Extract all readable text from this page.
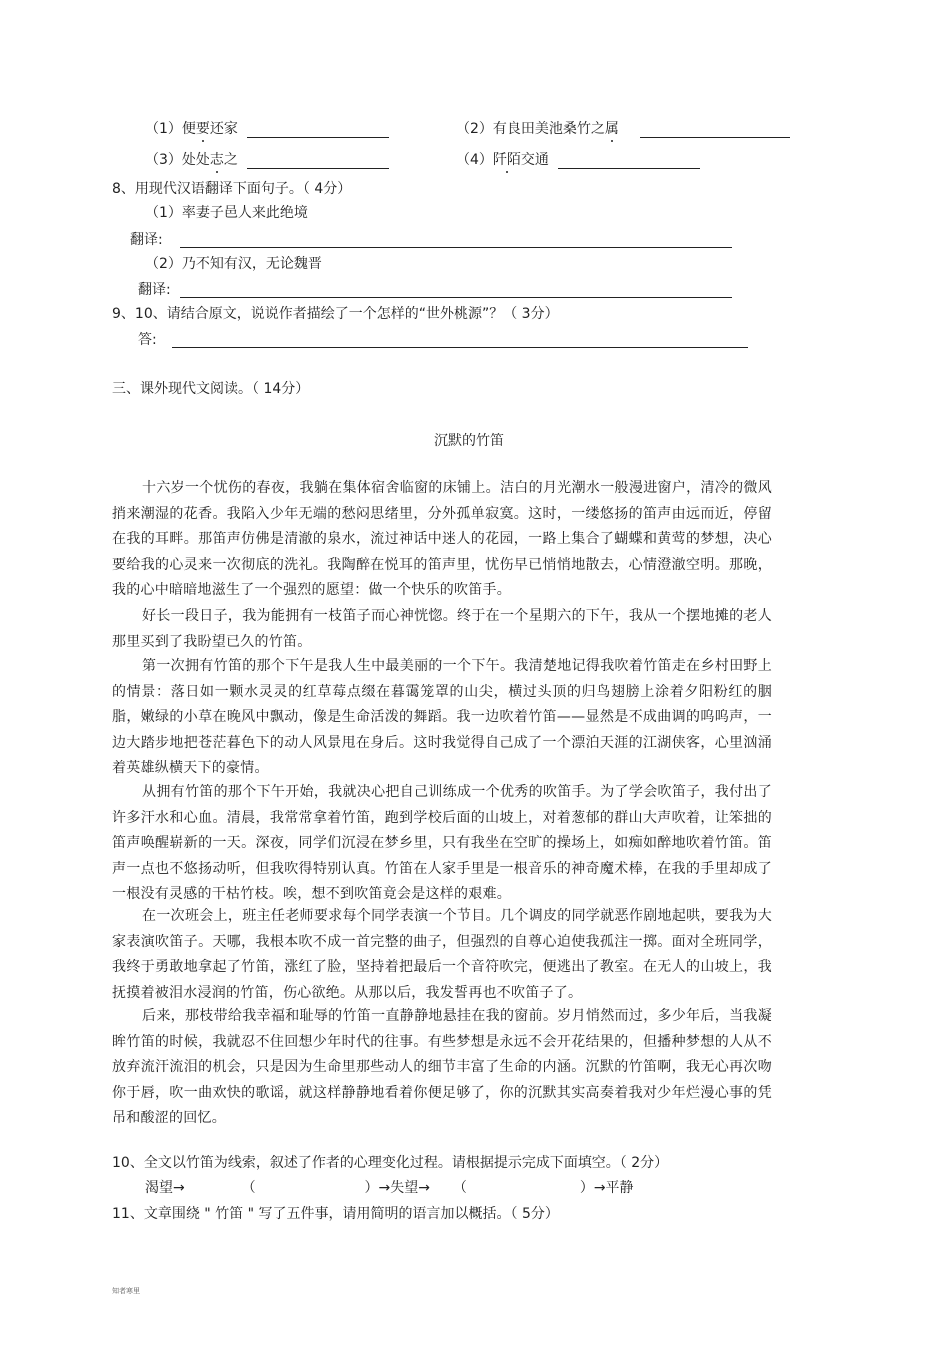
（1）便要还家	（2）有良田美池桑竹之属
（3）处处志之	（4）阡陌交通
8、用现代汉语翻译下面句子。（ 4分）
（1）率妻子邑人来此绝境
翻译:
（2）乃不知有汉，无论魏晋
翻译:
9、10、请结合原文，说说作者描绘了一个怎样的“世外桃源”？（ 3分）
答:
三、课外现代文阅读。（ 14分）
沉默的竹笛

十六岁一个忧伤的春夜，我躺在集体宿舍临窗的床铺上。洁白的月光潮水一般漫进窗户，清冷的微风捎来潮湿的花香。我陷入少年无端的愁闷思绪里，分外孤单寂寞。这时，一缕悠扬的笛声由远而近，停留在我的耳畔。那笛声仿佛是清澈的泉水，流过神话中迷人的花园，一路上集合了蝴蝶和黄莺的梦想，决心要给我的心灵来一次彻底的洗礼。我陶醉在悦耳的笛声里，忧伤早已悄悄地散去，心情澄澈空明。那晚，我的心中暗暗地滋生了一个强烈的愿望：做一个快乐的吹笛手。

好长一段日子，我为能拥有一枝笛子而心神恍惚。终于在一个星期六的下午，我从一个摆地摊的老人那里买到了我盼望已久的竹笛。

第一次拥有竹笛的那个下午是我人生中最美丽的一个下午。我清楚地记得我吹着竹笛走在乡村田野上的情景：落日如一颗水灵灵的红草莓点缀在暮霭笼罩的山尖，横过头顶的归鸟翅膀上涂着夕阳粉红的胭脂，嫩绿的小草在晚风中飘动，像是生命活泼的舞蹈。我一边吹着竹笛——显然是不成曲调的呜呜声，一边大踏步地把苍茫暮色下的动人风景甩在身后。这时我觉得自己成了一个漂泊天涯的江湖侠客，心里汹涌着英雄纵横天下的豪情。

从拥有竹笛的那个下午开始，我就决心把自己训练成一个优秀的吹笛手。为了学会吹笛子，我付出了许多汗水和心血。清晨，我常常拿着竹笛，跑到学校后面的山坡上，对着葱郁的群山大声吹着，让笨拙的笛声唤醒崭新的一天。深夜，同学们沉浸在梦乡里，只有我坐在空旷的操场上，如痴如醉地吹着竹笛。笛声一点也不悠扬动听，但我吹得特别认真。竹笛在人家手里是一根音乐的神奇魔术棒，在我的手里却成了一根没有灵感的干枯竹枝。唉，想不到吹笛竟会是这样的艰难。

在一次班会上，班主任老师要求每个同学表演一个节目。几个调皮的同学就恶作剧地起哄，要我为大家表演吹笛子。天哪，我根本吹不成一首完整的曲子，但强烈的自尊心迫使我孤注一掷。面对全班同学，我终于勇敢地拿起了竹笛，涨红了脸，坚持着把最后一个音符吹完，便逃出了教室。在无人的山坡上，我抚摸着被泪水浸润的竹笛，伤心欲绝。从那以后，我发誓再也不吹笛子了。

后来，那枝带给我幸福和耻辱的竹笛一直静静地悬挂在我的窗前。岁月悄然而过，多少年后，当我凝眸竹笛的时候，我就忍不住回想少年时代的往事。有些梦想是永远不会开花结果的，但播种梦想的人从不放弃流汗流泪的机会，只是因为生命里那些动人的细节丰富了生命的内涵。沉默的竹笛啊，我无心再次吻你于唇，吹一曲欢快的歌谣，就这样静静地看着你便足够了，你的沉默其实高奏着我对少年烂漫心事的凭吊和酸涩的回忆。

10、全文以竹笛为线索，叙述了作者的心理变化过程。请根据提示完成下面填空。（ 2分）
渴望→	（	）→失望→ （	）→平静
11、文章围绕 " 竹笛 " 写了五件事，请用简明的语言加以概括。（ 5分）
知者寒里
